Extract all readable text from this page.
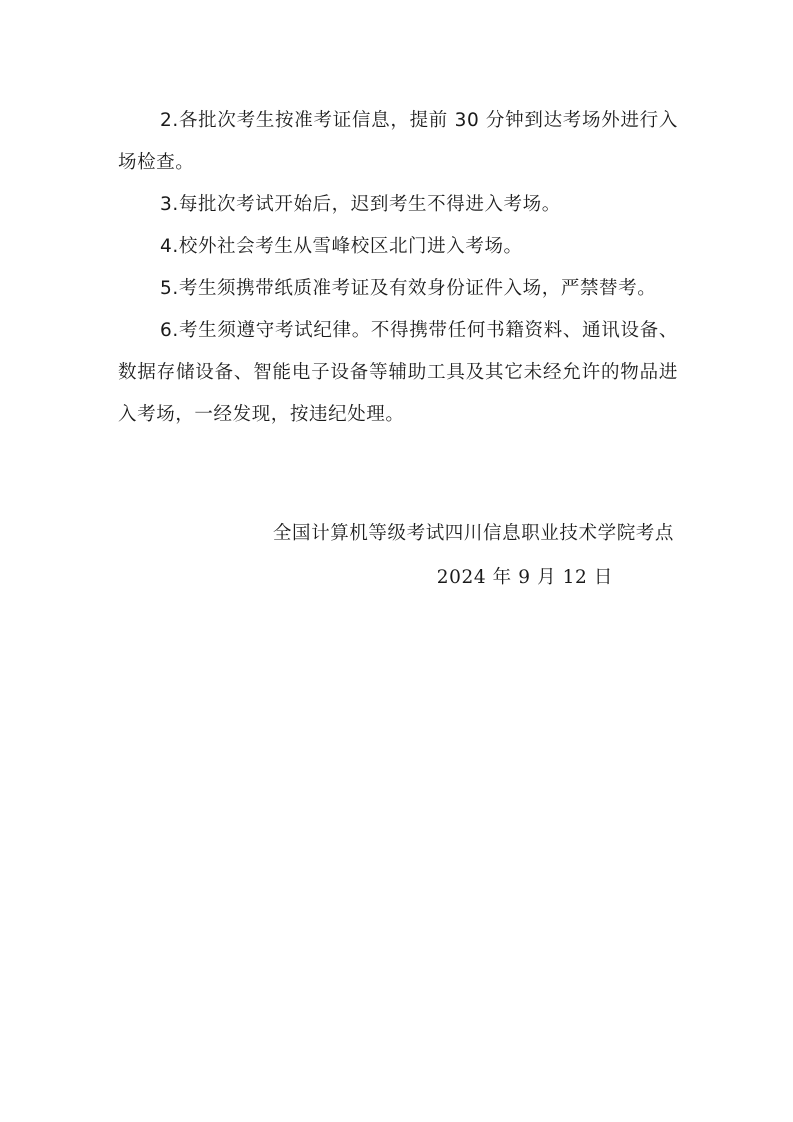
2.各批次考生按准考证信息，提前 30 分钟到达考场外进行入场检查。

3.每批次考试开始后，迟到考生不得进入考场。

4.校外社会考生从雪峰校区北门进入考场。

5.考生须携带纸质准考证及有效身份证件入场，严禁替考。

6.考生须遵守考试纪律。不得携带任何书籍资料、通讯设备、数据存储设备、智能电子设备等辅助工具及其它未经允许的物品进入考场，一经发现，按违纪处理。

全国计算机等级考试四川信息职业技术学院考点
2024 年 9 月 12 日
